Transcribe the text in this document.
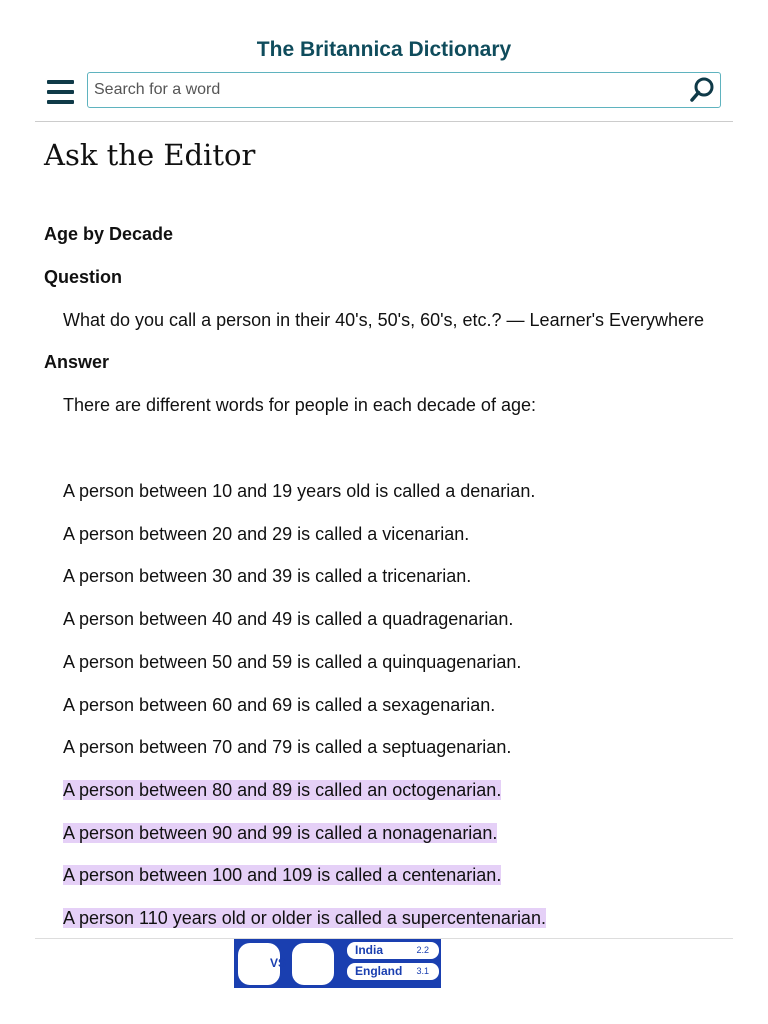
The Britannica Dictionary
Search for a word
Ask the Editor
Age by Decade
Question
What do you call a person in their 40's, 50's, 60's, etc.? — Learner's Everywhere
Answer
There are different words for people in each decade of age:
A person between 10 and 19 years old is called a denarian.
A person between 20 and 29 is called a vicenarian.
A person between 30 and 39 is called a tricenarian.
A person between 40 and 49 is called a quadragenarian.
A person between 50 and 59 is called a quinquagenarian.
A person between 60 and 69 is called a sexagenarian.
A person between 70 and 79 is called a septuagenarian.
A person between 80 and 89 is called an octogenarian.
A person between 90 and 99 is called a nonagenarian.
A person between 100 and 109 is called a centenarian.
A person 110 years old or older is called a supercentenarian.
VS
India	2.2
England 3.1
